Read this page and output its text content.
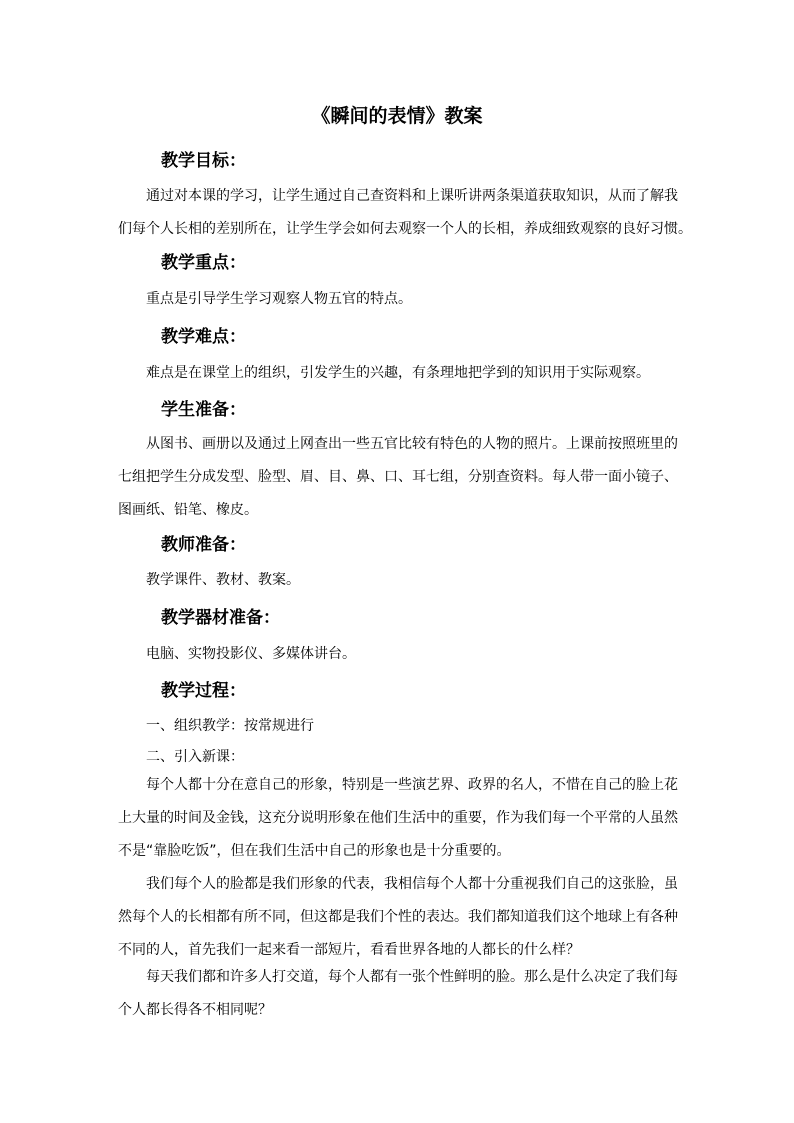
《瞬间的表情》教案
教学目标：
通过对本课的学习，让学生通过自己查资料和上课听讲两条渠道获取知识，从而了解我
们每个人长相的差别所在，让学生学会如何去观察一个人的长相，养成细致观察的良好习惯。
教学重点：
重点是引导学生学习观察人物五官的特点。
教学难点：
难点是在课堂上的组织，引发学生的兴趣，有条理地把学到的知识用于实际观察。
学生准备：
从图书、画册以及通过上网查出一些五官比较有特色的人物的照片。上课前按照班里的
七组把学生分成发型、脸型、眉、目、鼻、口、耳七组，分别查资料。每人带一面小镜子、
图画纸、铅笔、橡皮。
教师准备：
教学课件、教材、教案。
教学器材准备：
电脑、实物投影仪、多媒体讲台。
教学过程：
一、组织教学：按常规进行
二、引入新课：
每个人都十分在意自己的形象，特别是一些演艺界、政界的名人，不惜在自己的脸上花
上大量的时间及金钱，这充分说明形象在他们生活中的重要，作为我们每一个平常的人虽然
不是“靠脸吃饭”，但在我们生活中自己的形象也是十分重要的。
我们每个人的脸都是我们形象的代表，我相信每个人都十分重视我们自己的这张脸，虽
然每个人的长相都有所不同，但这都是我们个性的表达。我们都知道我们这个地球上有各种
不同的人，首先我们一起来看一部短片，看看世界各地的人都长的什么样？
每天我们都和许多人打交道，每个人都有一张个性鲜明的脸。那么是什么决定了我们每
个人都长得各不相同呢？
